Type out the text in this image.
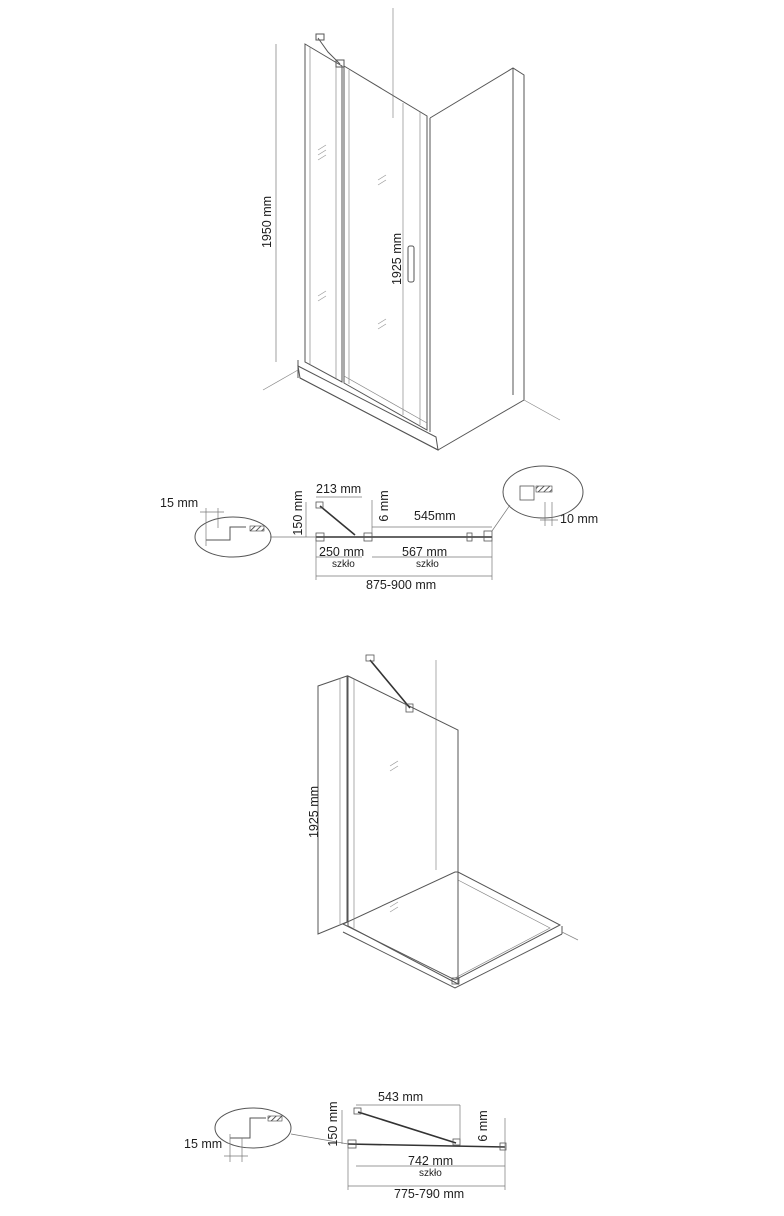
1950 mm
1925 mm
15 mm
10 mm
150 mm
213 mm
6 mm 545mm
250 mm
szkło
567 mm
szkło
875-900 mm
1925 mm
543 mm
150 mm	6 mm
15 mm
742 mm
szkło
775-790 mm
